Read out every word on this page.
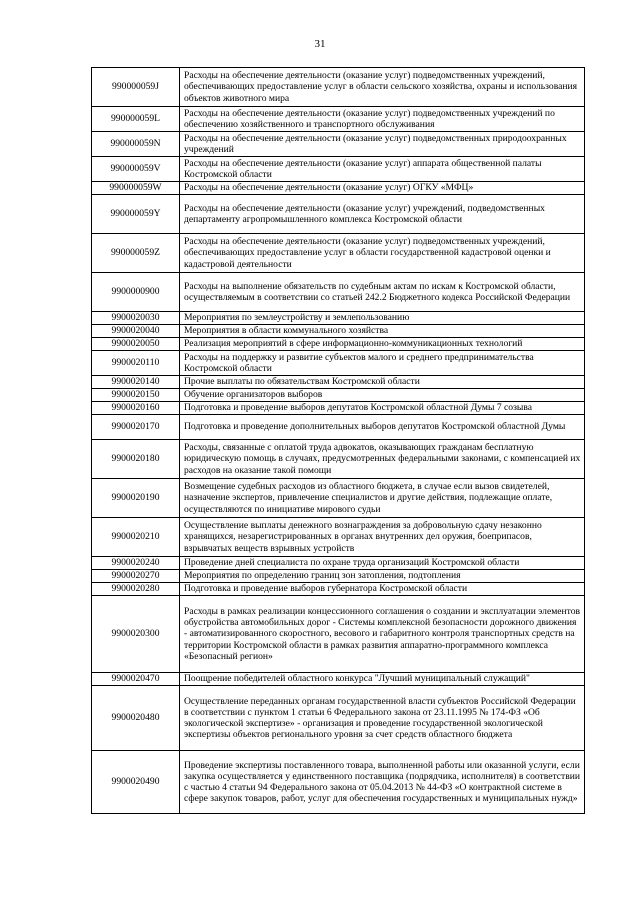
31
990000059J	Расходы на обеспечение деятельности (оказание услуг) подведомственных учреждений, обеспечивающих предоставление услуг в области сельского хозяйства, охраны и использования объектов животного мира
990000059L	Расходы на обеспечение деятельности (оказание услуг) подведомственных учреждений по обеспечению хозяйственного и транспортного обслуживания
990000059N	Расходы на обеспечение деятельности (оказание услуг) подведомственных природоохранных учреждений
990000059V	Расходы на обеспечение деятельности (оказание услуг) аппарата общественной палаты Костромской области
990000059W	Расходы на обеспечение деятельности (оказание услуг) ОГКУ «МФЦ»
990000059Y	Расходы на обеспечение деятельности (оказание услуг) учреждений, подведомственных департаменту агропромышленного комплекса Костромской области
990000059Z	Расходы на обеспечение деятельности (оказание услуг) подведомственных учреждений, обеспечивающих предоставление услуг в области государственной кадастровой оценки и кадастровой деятельности
9900000900	Расходы на выполнение обязательств по судебным актам по искам к Костромской области, осуществляемым в соответствии со статьей 242.2 Бюджетного кодекса Российской Федерации
9900020030	Мероприятия по землеустройству и землепользованию
9900020040	Мероприятия в области коммунального хозяйства
9900020050	Реализация мероприятий в сфере информационно-коммуникационных технологий
9900020110	Расходы на поддержку и развитие субъектов малого и среднего предпринимательства Костромской области
9900020140	Прочие выплаты по обязательствам Костромской области
9900020150	Обучение организаторов выборов
9900020160	Подготовка и проведение выборов депутатов Костромской областной Думы 7 созыва
9900020170	Подготовка и проведение дополнительных выборов депутатов Костромской областной Думы
9900020180	Расходы, связанные с оплатой труда адвокатов, оказывающих гражданам бесплатную юридическую помощь в случаях, предусмотренных федеральными законами, с компенсацией их расходов на оказание такой помощи
9900020190	Возмещение судебных расходов из областного бюджета, в случае если вызов свидетелей, назначение экспертов, привлечение специалистов и другие действия, подлежащие оплате, осуществляются по инициативе мирового судьи
9900020210	Осуществление выплаты денежного вознаграждения за добровольную сдачу незаконно хранящихся, незарегистрированных в органах внутренних дел оружия, боеприпасов, взрывчатых веществ взрывных устройств
9900020240	Проведение дней специалиста по охране труда организаций Костромской области
9900020270	Мероприятия по определению границ зон затопления, подтопления
9900020280	Подготовка и проведение выборов губернатора Костромской области
9900020300	Расходы в рамках реализации концессионного соглашения о создании и эксплуатации элементов обустройства автомобильных дорог - Системы комплексной безопасности дорожного движения - автоматизированного скоростного, весового и габаритного контроля транспортных средств на территории Костромской области в рамках развития аппаратно-программного комплекса «Безопасный регион»
9900020470	Поощрение победителей областного конкурса "Лучший муниципальный служащий"
9900020480	Осуществление переданных органам государственной власти субъектов Российской Федерации в соответствии с пунктом 1 статьи 6 Федерального закона от 23.11.1995 № 174-ФЗ «Об экологической экспертизе» - организация и проведение государственной экологической экспертизы объектов регионального уровня за счет средств областного бюджета
9900020490	Проведение экспертизы поставленного товара, выполненной работы или оказанной услуги, если закупка осуществляется у единственного поставщика (подрядчика, исполнителя) в соответствии с частью 4 статьи 94 Федерального закона от 05.04.2013 № 44-ФЗ «О контрактной системе в сфере закупок товаров, работ, услуг для обеспечения государственных и муниципальных нужд»
